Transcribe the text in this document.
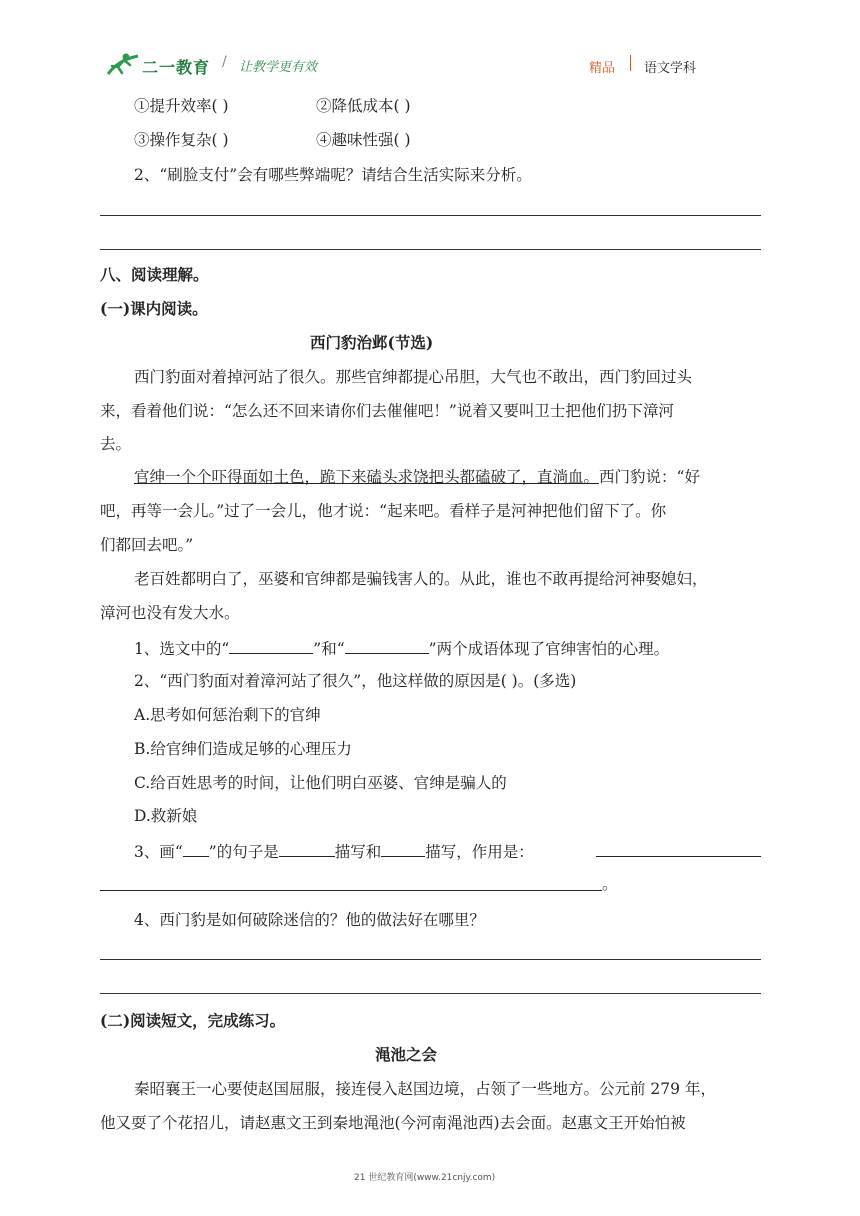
二一教育 / 让教学更有效	精品 语文学科
①提升效率( )	②降低成本( )
③操作复杂( )	④趣味性强( )
2、“刷脸支付”会有哪些弊端呢？请结合生活实际来分析。
八、阅读理解。
(一)课内阅读。
西门豹治邺(节选)
西门豹面对着掉河站了很久。那些官绅都提心吊胆，大气也不敢出，西门豹回过头
来，看着他们说：“怎么还不回来请你们去催催吧！”说着又要叫卫士把他们扔下漳河
去。
官绅一个个吓得面如土色，跪下来磕头求饶把头都磕破了，直淌血。西门豹说：“好
吧，再等一会儿。”过了一会儿，他才说：“起来吧。看样子是河神把他们留下了。你
们都回去吧。”
老百姓都明白了，巫婆和官绅都是骗钱害人的。从此，谁也不敢再提给河神娶媳妇，
漳河也没有发大水。
1、选文中的“	”和“	”两个成语体现了官绅害怕的心理。
2、“西门豹面对着漳河站了很久”，他这样做的原因是( )。(多选)
A.思考如何惩治剩下的官绅
B.给官绅们造成足够的心理压力
C.给百姓思考的时间，让他们明白巫婆、官绅是骗人的
D.救新娘
3、画“ ”的句子是	描写和	描写，作用是：
。
4、西门豹是如何破除迷信的？他的做法好在哪里？
(二)阅读短文，完成练习。
渑池之会
秦昭襄王一心要使赵国屈服，接连侵入赵国边境，占领了一些地方。公元前 279 年，
他又耍了个花招儿，请赵惠文王到秦地渑池(今河南渑池西)去会面。赵惠文王开始怕被
21 世纪教育网(www.21cnjy.com)
